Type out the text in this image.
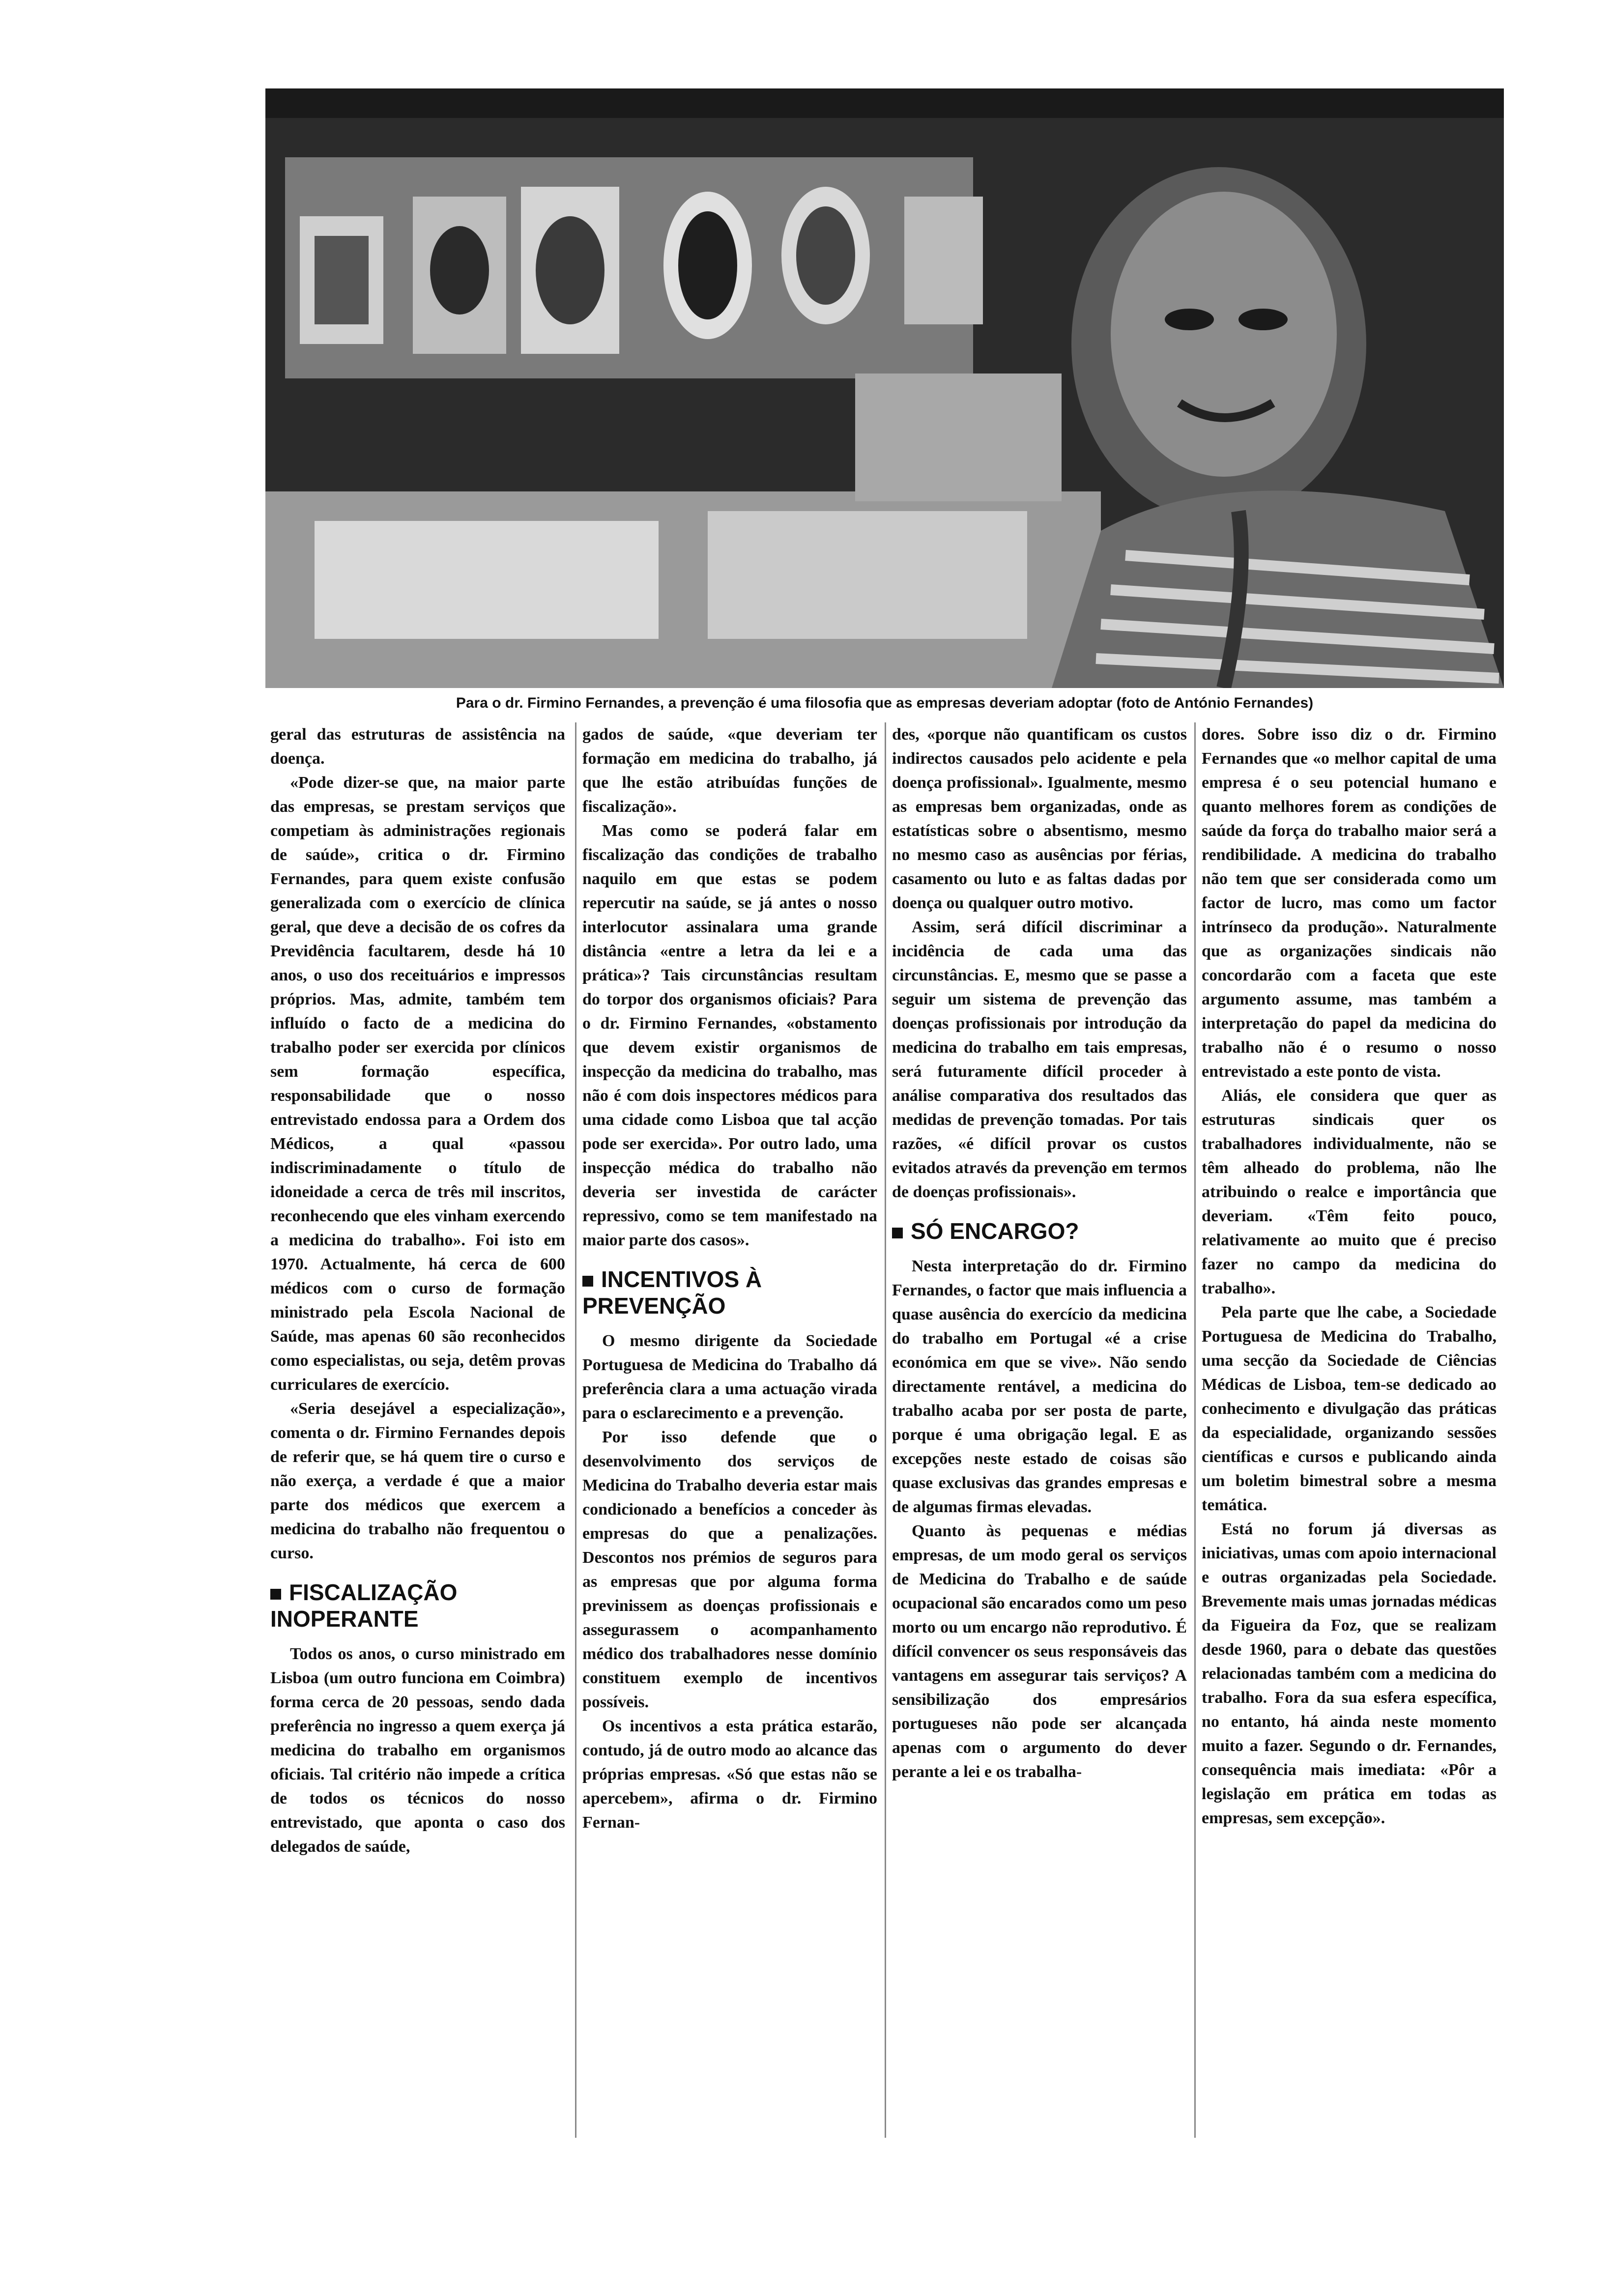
Para o dr. Firmino Fernandes, a prevenção é uma filosofia que as empresas deveriam adoptar (foto de António Fernandes)

geral das estruturas de assistência na doença.

«Pode dizer-se que, na maior parte das empresas, se prestam serviços que competiam às administrações regionais de saúde», critica o dr. Firmino Fernandes, para quem existe confusão generalizada com o exercício de clínica geral, que deve a decisão de os cofres da Previdência facultarem, desde há 10 anos, o uso dos receituários e impressos próprios. Mas, admite, também tem influído o facto de a medicina do trabalho poder ser exercida por clínicos sem formação específica, responsabilidade que o nosso entrevistado endossa para a Ordem dos Médicos, a qual «passou indiscriminadamente o título de idoneidade a cerca de três mil inscritos, reconhecendo que eles vinham exercendo a medicina do trabalho». Foi isto em 1970. Actualmente, há cerca de 600 médicos com o curso de formação ministrado pela Escola Nacional de Saúde, mas apenas 60 são reconhecidos como especialistas, ou seja, detêm provas curriculares de exercício.

«Seria desejável a especialização», comenta o dr. Firmino Fernandes depois de referir que, se há quem tire o curso e não exerça, a verdade é que a maior parte dos médicos que exercem a medicina do trabalho não frequentou o curso.

FISCALIZAÇÃO INOPERANTE

Todos os anos, o curso ministrado em Lisboa (um outro funciona em Coimbra) forma cerca de 20 pessoas, sendo dada preferência no ingresso a quem exerça já medicina do trabalho em organismos oficiais. Tal critério não impede a crítica de todos os técnicos do nosso entrevistado, que aponta o caso dos delegados de saúde,

gados de saúde, «que deveriam ter formação em medicina do trabalho, já que lhe estão atribuídas funções de fiscalização».

Mas como se poderá falar em fiscalização das condições de trabalho naquilo em que estas se podem repercutir na saúde, se já antes o nosso interlocutor assinalara uma grande distância «entre a letra da lei e a prática»? Tais circunstâncias resultam do torpor dos organismos oficiais? Para o dr. Firmino Fernandes, «obstamento que devem existir organismos de inspecção da medicina do trabalho, mas não é com dois inspectores médicos para uma cidade como Lisboa que tal acção pode ser exercida». Por outro lado, uma inspecção médica do trabalho não deveria ser investida de carácter repressivo, como se tem manifestado na maior parte dos casos».

INCENTIVOS À PREVENÇÃO

O mesmo dirigente da Sociedade Portuguesa de Medicina do Trabalho dá preferência clara a uma actuação virada para o esclarecimento e a prevenção.

Por isso defende que o desenvolvimento dos serviços de Medicina do Trabalho deveria estar mais condicionado a benefícios a conceder às empresas do que a penalizações. Descontos nos prémios de seguros para as empresas que por alguma forma previnissem as doenças profissionais e assegurassem o acompanhamento médico dos trabalhadores nesse domínio constituem exemplo de incentivos possíveis.

Os incentivos a esta prática estarão, contudo, já de outro modo ao alcance das próprias empresas. «Só que estas não se apercebem», afirma o dr. Firmino Fernan-

des, «porque não quantificam os custos indirectos causados pelo acidente e pela doença profissional». Igualmente, mesmo as empresas bem organizadas, onde as estatísticas sobre o absentismo, mesmo no mesmo caso as ausências por férias, casamento ou luto e as faltas dadas por doença ou qualquer outro motivo.

Assim, será difícil discriminar a incidência de cada uma das circunstâncias. E, mesmo que se passe a seguir um sistema de prevenção das doenças profissionais por introdução da medicina do trabalho em tais empresas, será futuramente difícil proceder à análise comparativa dos resultados das medidas de prevenção tomadas. Por tais razões, «é difícil provar os custos evitados através da prevenção em termos de doenças profissionais».

SÓ ENCARGO?

Nesta interpretação do dr. Firmino Fernandes, o factor que mais influencia a quase ausência do exercício da medicina do trabalho em Portugal «é a crise económica em que se vive». Não sendo directamente rentável, a medicina do trabalho acaba por ser posta de parte, porque é uma obrigação legal. E as excepções neste estado de coisas são quase exclusivas das grandes empresas e de algumas firmas elevadas.

Quanto às pequenas e médias empresas, de um modo geral os serviços de Medicina do Trabalho e de saúde ocupacional são encarados como um peso morto ou um encargo não reprodutivo. É difícil convencer os seus responsáveis das vantagens em assegurar tais serviços? A sensibilização dos empresários portugueses não pode ser alcançada apenas com o argumento do dever perante a lei e os trabalha-

dores. Sobre isso diz o dr. Firmino Fernandes que «o melhor capital de uma empresa é o seu potencial humano e quanto melhores forem as condições de saúde da força do trabalho maior será a rendibilidade. A medicina do trabalho não tem que ser considerada como um factor de lucro, mas como um factor intrínseco da produção». Naturalmente que as organizações sindicais não concordarão com a faceta que este argumento assume, mas também a interpretação do papel da medicina do trabalho não é o resumo o nosso entrevistado a este ponto de vista.

Aliás, ele considera que quer as estruturas sindicais quer os trabalhadores individualmente, não se têm alheado do problema, não lhe atribuindo o realce e importância que deveriam. «Têm feito pouco, relativamente ao muito que é preciso fazer no campo da medicina do trabalho».

Pela parte que lhe cabe, a Sociedade Portuguesa de Medicina do Trabalho, uma secção da Sociedade de Ciências Médicas de Lisboa, tem-se dedicado ao conhecimento e divulgação das práticas da especialidade, organizando sessões científicas e cursos e publicando ainda um boletim bimestral sobre a mesma temática.

Está no forum já diversas as iniciativas, umas com apoio internacional e outras organizadas pela Sociedade. Brevemente mais umas jornadas médicas da Figueira da Foz, que se realizam desde 1960, para o debate das questões relacionadas também com a medicina do trabalho. Fora da sua esfera específica, no entanto, há ainda neste momento muito a fazer. Segundo o dr. Fernandes, consequência mais imediata: «Pôr a legislação em prática em todas as empresas, sem excepção».
